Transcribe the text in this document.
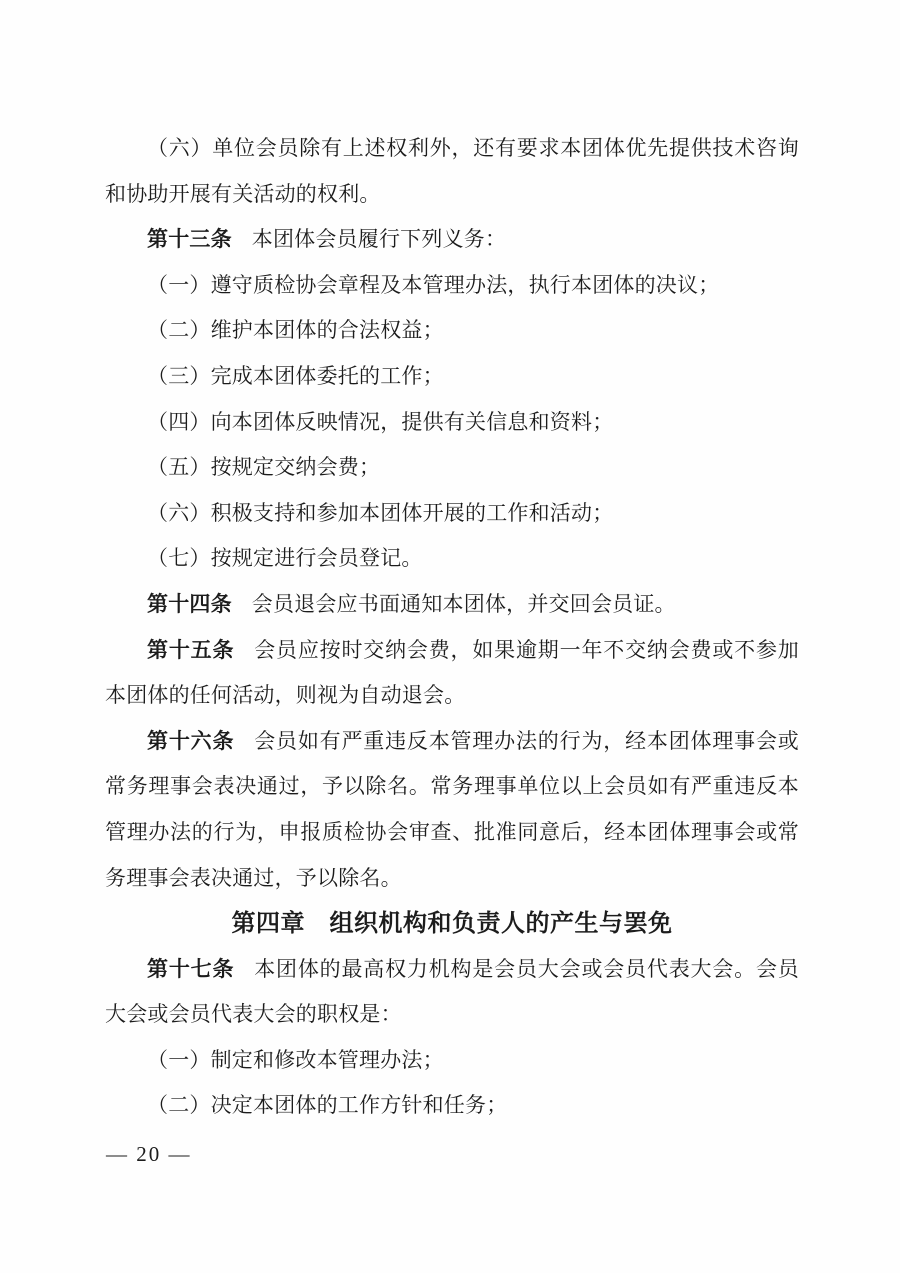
（六）单位会员除有上述权利外，还有要求本团体优先提供技术咨询和协助开展有关活动的权利。

第十三条 本团体会员履行下列义务：

（一）遵守质检协会章程及本管理办法，执行本团体的决议；

（二）维护本团体的合法权益；

（三）完成本团体委托的工作；

（四）向本团体反映情况，提供有关信息和资料；

（五）按规定交纳会费；

（六）积极支持和参加本团体开展的工作和活动；

（七）按规定进行会员登记。

第十四条 会员退会应书面通知本团体，并交回会员证。

第十五条 会员应按时交纳会费，如果逾期一年不交纳会费或不参加本团体的任何活动，则视为自动退会。

第十六条 会员如有严重违反本管理办法的行为，经本团体理事会或常务理事会表决通过，予以除名。常务理事单位以上会员如有严重违反本管理办法的行为，申报质检协会审查、批准同意后，经本团体理事会或常务理事会表决通过，予以除名。

第四章　组织机构和负责人的产生与罢免

第十七条 本团体的最高权力机构是会员大会或会员代表大会。会员大会或会员代表大会的职权是：

（一）制定和修改本管理办法；

（二）决定本团体的工作方针和任务；

— 20 —
